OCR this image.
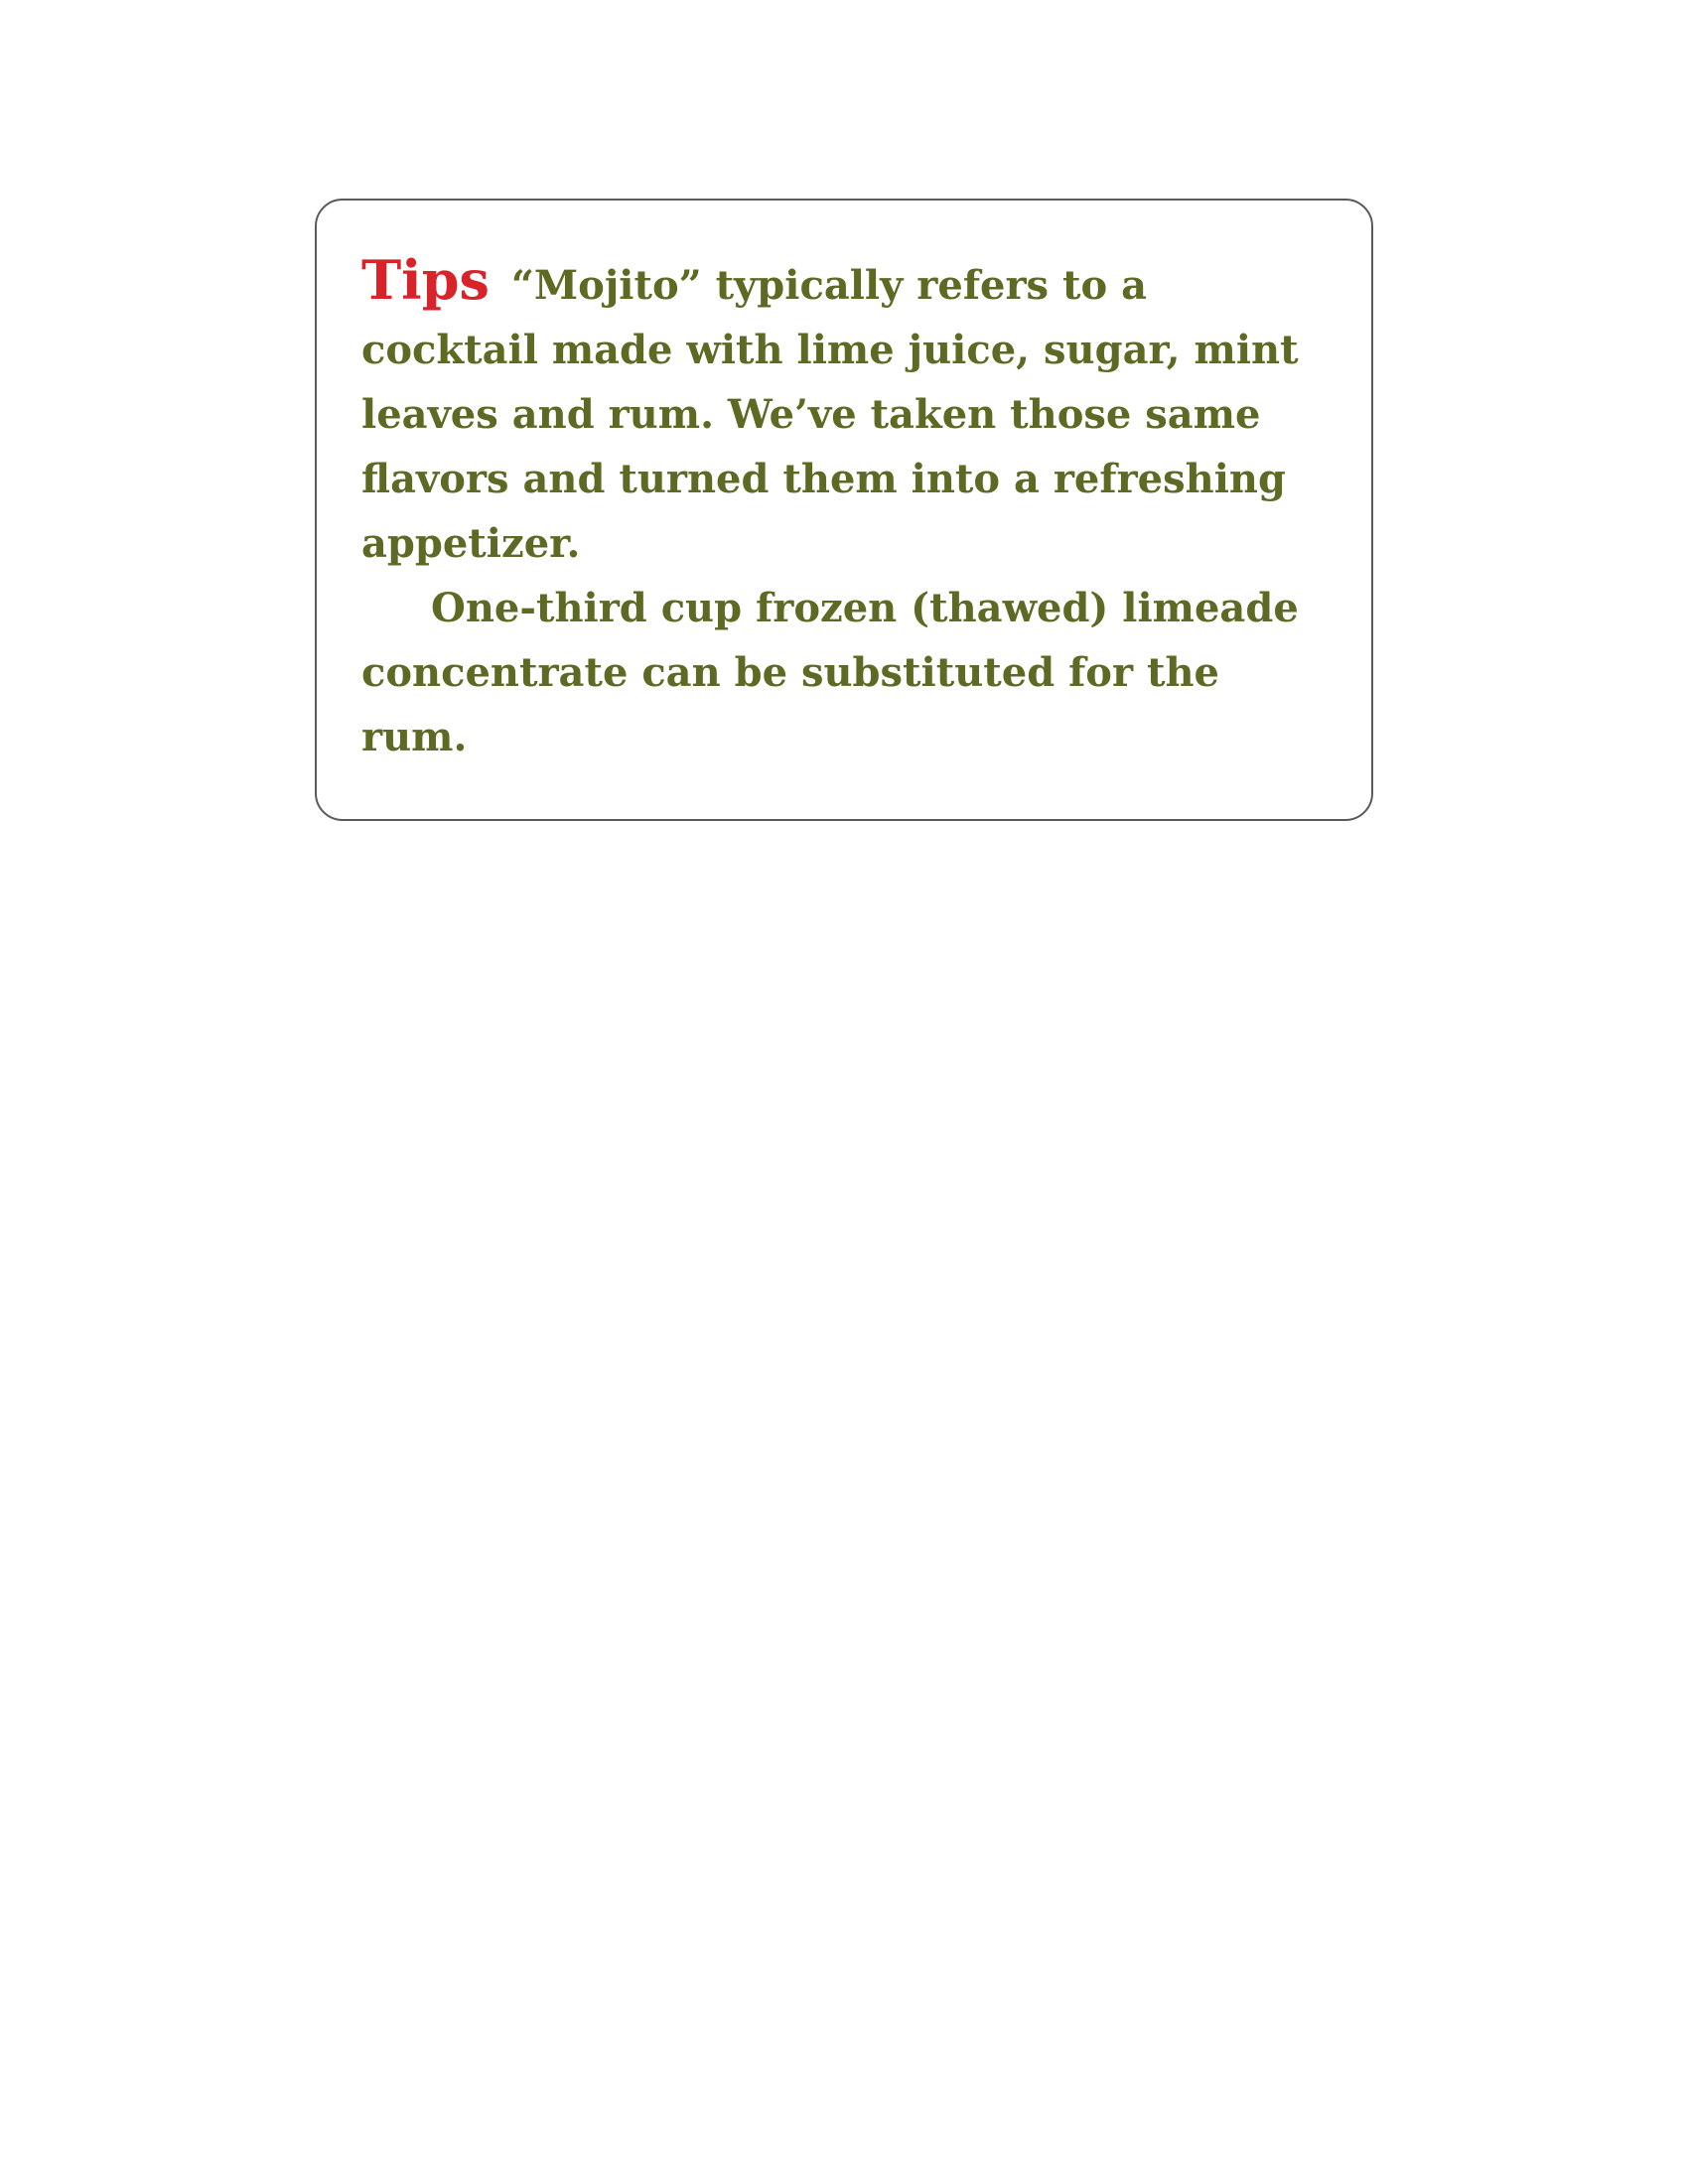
Tips “Mojito” typically refers to a cocktail made with lime juice, sugar, mint leaves and rum. We’ve taken those same flavors and turned them into a refreshing appetizer.

One-third cup frozen (thawed) limeade concentrate can be substituted for the rum.
